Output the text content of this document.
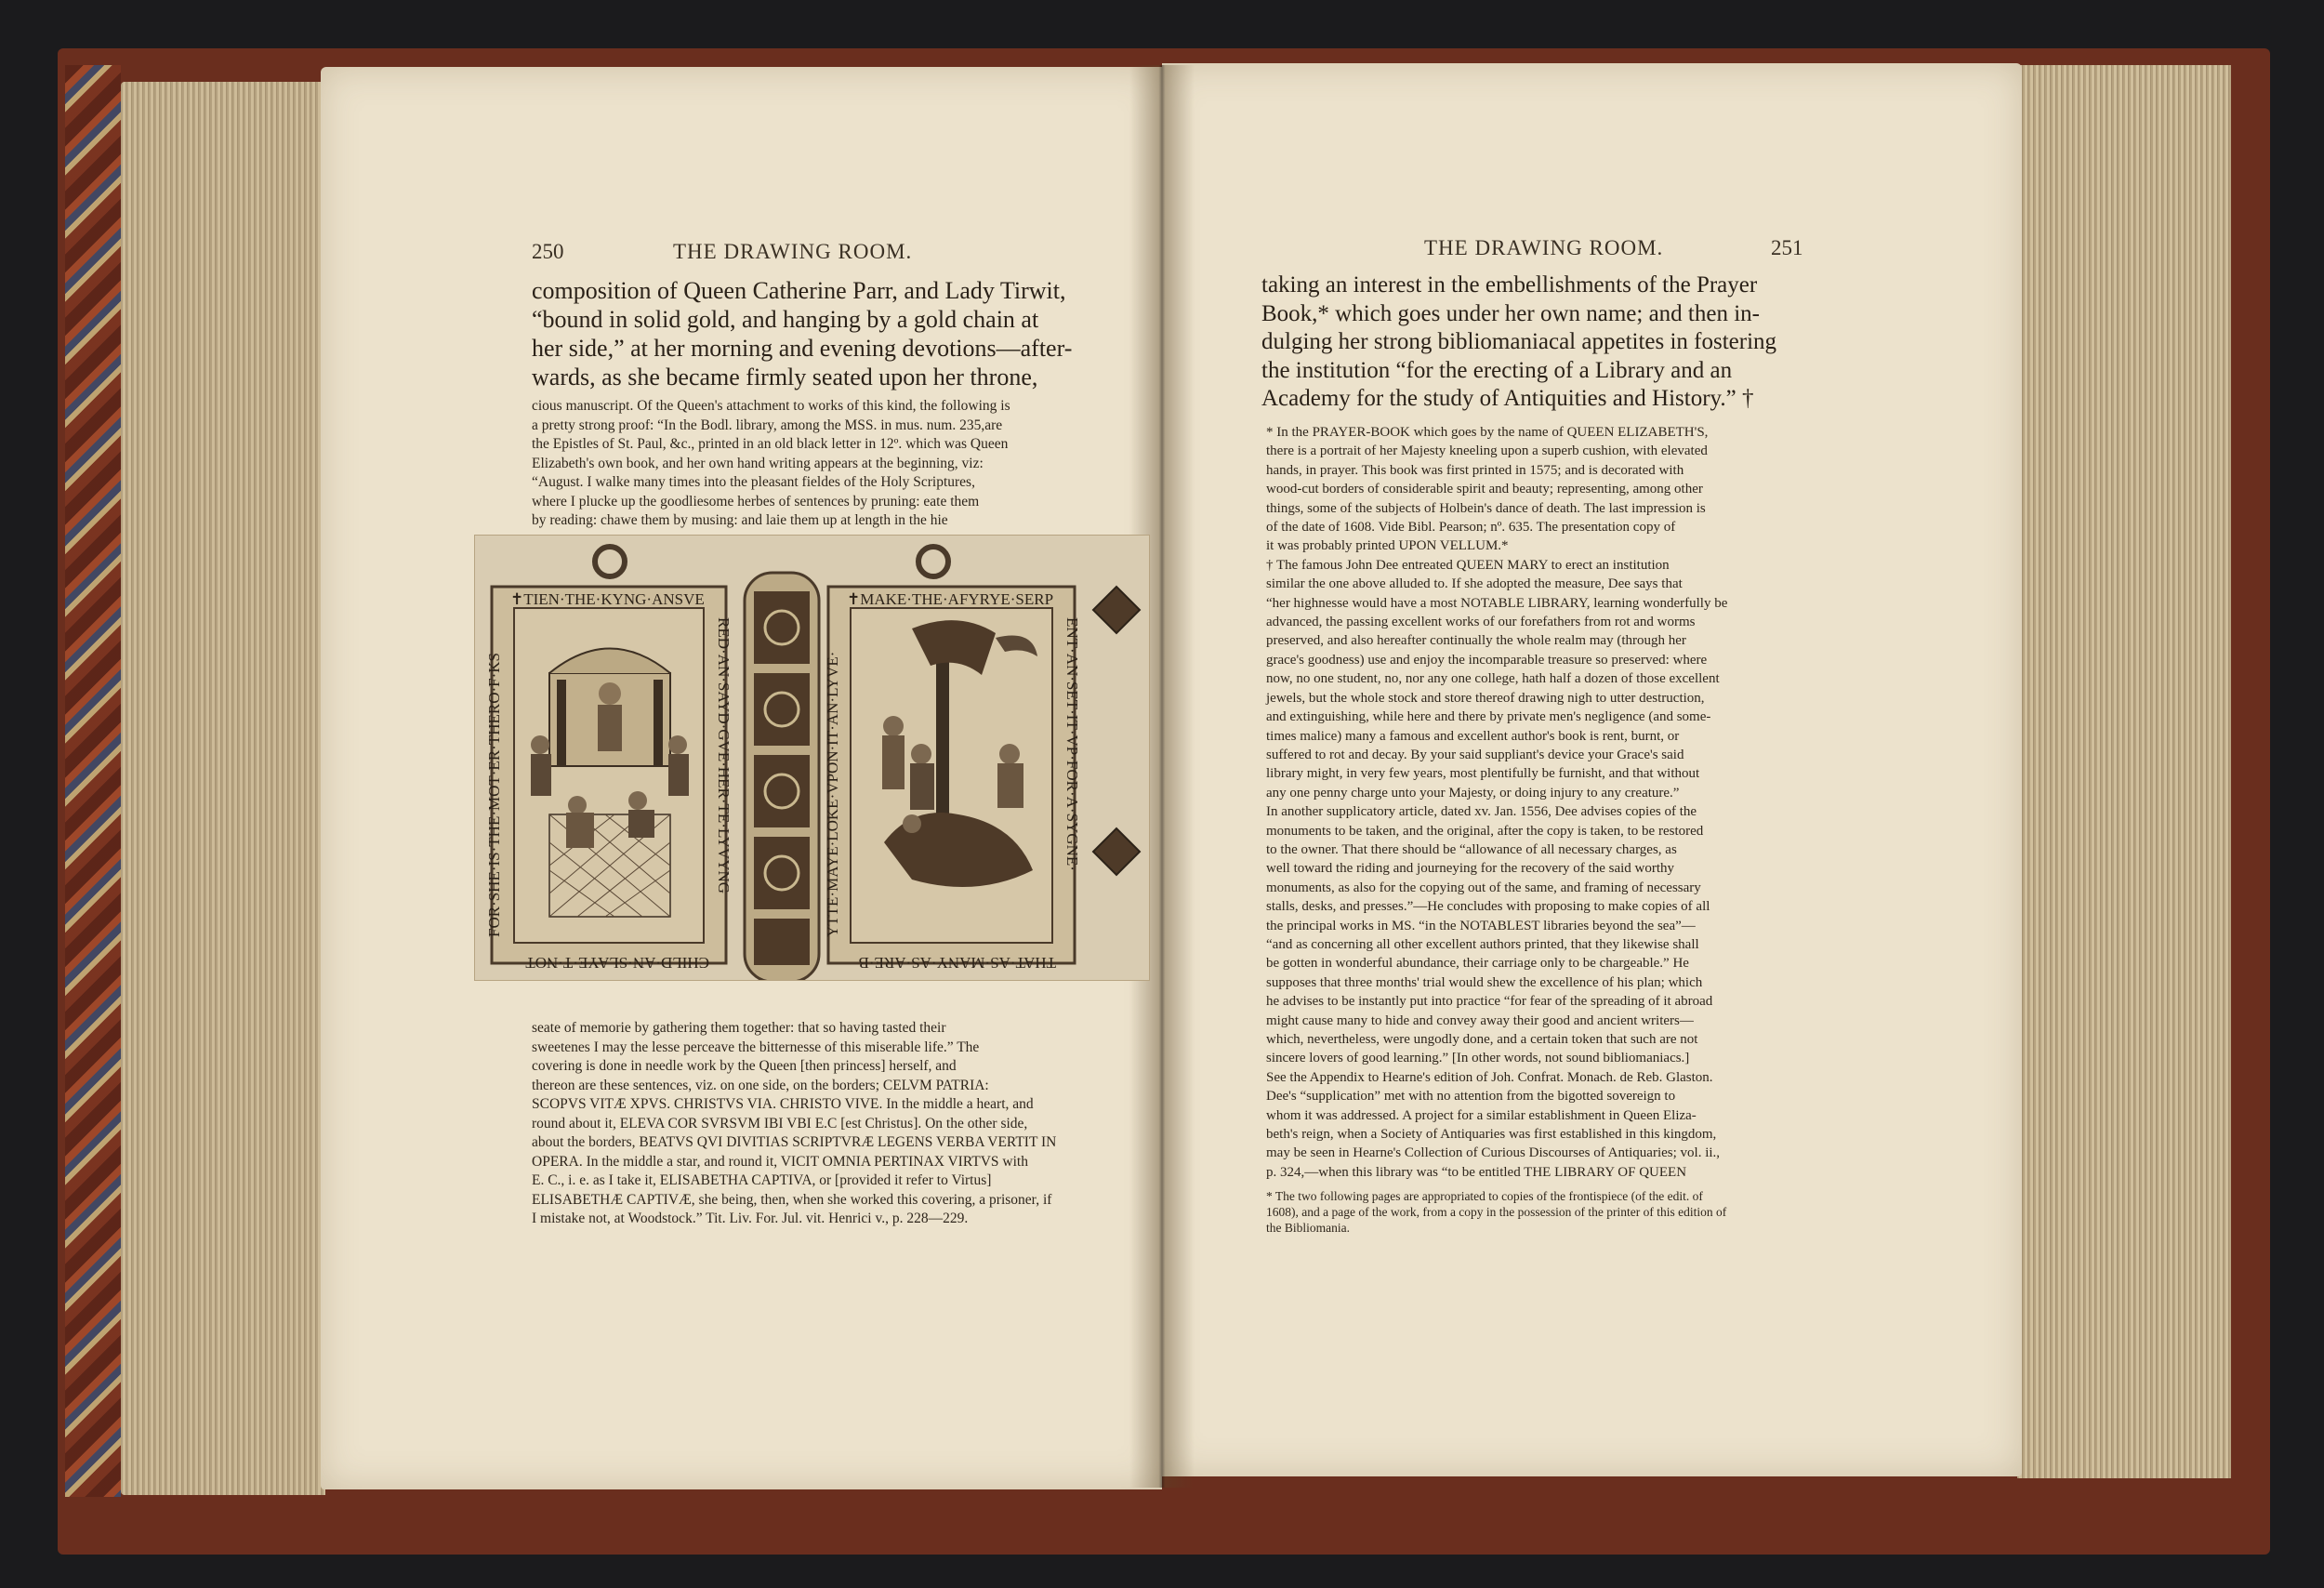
250	THE DRAWING ROOM.

composition of Queen Catherine Parr, and Lady Tirwit,

“bound in solid gold, and hanging by a gold chain at

her side,” at her morning and evening devotions—after-

wards, as she became firmly seated upon her throne,

cious manuscript. Of the Queen's attachment to works of this kind, the following is

a pretty strong proof: “In the Bodl. library, among the MSS. in mus. num. 235,are

the Epistles of St. Paul, &c., printed in an old black letter in 12º. which was Queen

Elizabeth's own book, and her own hand writing appears at the beginning, viz:

“August. I walke many times into the pleasant fieldes of the Holy Scriptures,

where I plucke up the goodliesome herbes of sentences by pruning: eate them

by reading: chawe them by musing: and laie them up at length in the hie

✝TIEN·THE·KYNG·ANSVE
RED·AN·SAYD·GVE·HER·TE·LYVYNG
CHILD·AN·SLAYE·T·NOT
FOR·SHE·IS·THE·MOT·ER·THERO·F·KS
✝MAKE·THE·AFYRYE·SERP
ENT·AN·SET·IT·VP·FOR·A·SYGNE·
THAT·AS·MANY·AS·ARE·B
YTTE·MAYE·LOKE·VPON·IT·AN·LYVE·

seate of memorie by gathering them together: that so having tasted their

sweetenes I may the lesse perceave the bitternesse of this miserable life.” The

covering is done in needle work by the Queen [then princess] herself, and

thereon are these sentences, viz. on one side, on the borders; CELVM PATRIA:

SCOPVS VITÆ XPVS. CHRISTVS VIA. CHRISTO VIVE. In the middle a heart, and

round about it, ELEVA COR SVRSVM IBI VBI E.C [est Christus]. On the other side,

about the borders, BEATVS QVI DIVITIAS SCRIPTVRÆ LEGENS VERBA VERTIT IN

OPERA. In the middle a star, and round it, VICIT OMNIA PERTINAX VIRTVS with

E. C., i. e. as I take it, ELISABETHA CAPTIVA, or [provided it refer to Virtus]

ELISABETHÆ CAPTIVÆ, she being, then, when she worked this covering, a prisoner, if

I mistake not, at Woodstock.” Tit. Liv. For. Jul. vit. Henrici v., p. 228—229.

THE DRAWING ROOM.	251

taking an interest in the embellishments of the Prayer

Book,* which goes under her own name; and then in-

dulging her strong bibliomaniacal appetites in fostering

the institution “for the erecting of a Library and an

Academy for the study of Antiquities and History.” †

* In the PRAYER-BOOK which goes by the name of QUEEN ELIZABETH'S,

there is a portrait of her Majesty kneeling upon a superb cushion, with elevated

hands, in prayer. This book was first printed in 1575; and is decorated with

wood-cut borders of considerable spirit and beauty; representing, among other

things, some of the subjects of Holbein's dance of death. The last impression is

of the date of 1608. Vide Bibl. Pearson; nº. 635. The presentation copy of

it was probably printed UPON VELLUM.*

† The famous John Dee entreated QUEEN MARY to erect an institution

similar the one above alluded to. If she adopted the measure, Dee says that

“her highnesse would have a most NOTABLE LIBRARY, learning wonderfully be

advanced, the passing excellent works of our forefathers from rot and worms

preserved, and also hereafter continually the whole realm may (through her

grace's goodness) use and enjoy the incomparable treasure so preserved: where

now, no one student, no, nor any one college, hath half a dozen of those excellent

jewels, but the whole stock and store thereof drawing nigh to utter destruction,

and extinguishing, while here and there by private men's negligence (and some-

times malice) many a famous and excellent author's book is rent, burnt, or

suffered to rot and decay. By your said suppliant's device your Grace's said

library might, in very few years, most plentifully be furnisht, and that without

any one penny charge unto your Majesty, or doing injury to any creature.”

In another supplicatory article, dated xv. Jan. 1556, Dee advises copies of the

monuments to be taken, and the original, after the copy is taken, to be restored

to the owner. That there should be “allowance of all necessary charges, as

well toward the riding and journeying for the recovery of the said worthy

monuments, as also for the copying out of the same, and framing of necessary

stalls, desks, and presses.”—He concludes with proposing to make copies of all

the principal works in MS. “in the NOTABLEST libraries beyond the sea”—

“and as concerning all other excellent authors printed, that they likewise shall

be gotten in wonderful abundance, their carriage only to be chargeable.” He

supposes that three months' trial would shew the excellence of his plan; which

he advises to be instantly put into practice “for fear of the spreading of it abroad

might cause many to hide and convey away their good and ancient writers—

which, nevertheless, were ungodly done, and a certain token that such are not

sincere lovers of good learning.” [In other words, not sound bibliomaniacs.]

See the Appendix to Hearne's edition of Joh. Confrat. Monach. de Reb. Glaston.

Dee's “supplication” met with no attention from the bigotted sovereign to

whom it was addressed. A project for a similar establishment in Queen Eliza-

beth's reign, when a Society of Antiquaries was first established in this kingdom,

may be seen in Hearne's Collection of Curious Discourses of Antiquaries; vol. ii.,

p. 324,—when this library was “to be entitled THE LIBRARY OF QUEEN

* The two following pages are appropriated to copies of the frontispiece (of the edit. of

1608), and a page of the work, from a copy in the possession of the printer of this edition of

the Bibliomania.
